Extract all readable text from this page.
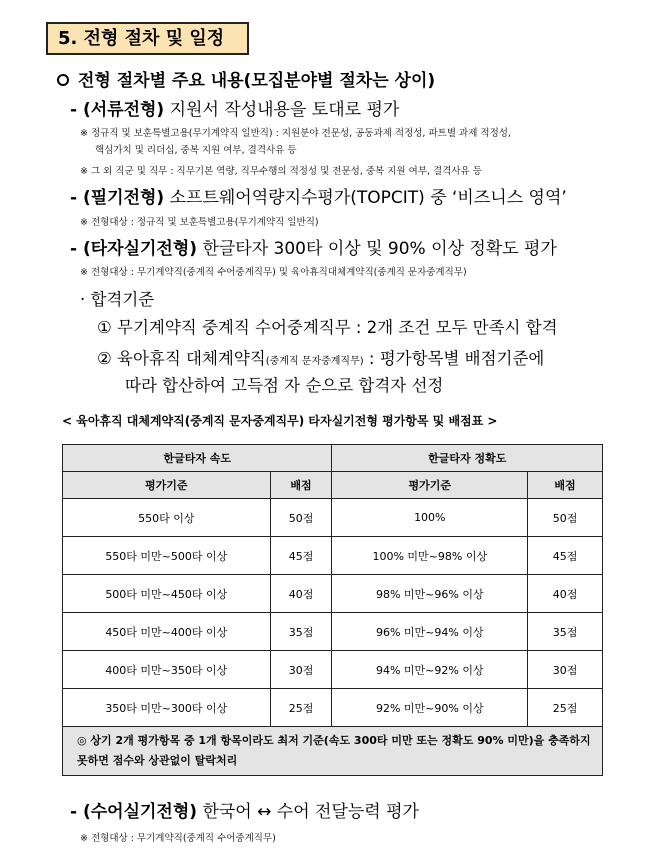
5. 전형 절차 및 일정
전형 절차별 주요 내용(모집분야별 절차는 상이)
- (서류전형) 지원서 작성내용을 토대로 평가
※ 정규직 및 보훈특별고용(무기계약직 일반직) : 지원분야 전문성, 공동과제 적정성, 파트별 과제 적정성,
핵심가치 및 리더십, 중복 지원 여부, 결격사유 등
※ 그 외 직군 및 직무 : 직무기본 역량, 직무수행의 적정성 및 전문성, 중복 지원 여부, 결격사유 등
- (필기전형) 소프트웨어역량지수평가(TOPCIT) 중 ‘비즈니스 영역’
※ 전형대상 : 정규직 및 보훈특별고용(무기계약직 일반직)
- (타자실기전형) 한글타자 300타 이상 및 90% 이상 정확도 평가
※ 전형대상 : 무기계약직(중계직 수어중계직무) 및 육아휴직대체계약직(중계직 문자중계직무)
· 합격기준
① 무기계약직 중계직 수어중계직무 : 2개 조건 모두 만족시 합격
② 육아휴직 대체계약직(중계직 문자중계직무) : 평가항목별 배점기준에
따라 합산하여 고득점 자 순으로 합격자 선정
< 육아휴직 대체계약직(중계직 문자중계직무) 타자실기전형 평가항목 및 배점표 >
한글타자 속도		한글타자 정확도	
평가기준	배점	평가기준	배점
550타 이상	50점	100%	50점
550타 미만~500타 이상	45점	100% 미만~98% 이상	45점
500타 미만~450타 이상	40점	98% 미만~96% 이상	40점
450타 미만~400타 이상	35점	96% 미만~94% 이상	35점
400타 미만~350타 이상	30점	94% 미만~92% 이상	30점
350타 미만~300타 이상	25점	92% 미만~90% 이상	25점
◎ 상기 2개 평가항목 중 1개 항목이라도 최저 기준(속도 300타 미만 또는 정확도 90% 미만)을 충족하지 못하면 점수와 상관없이 탈락처리			
- (수어실기전형) 한국어 ↔ 수어 전달능력 평가
※ 전형대상 : 무기계약직(중계직 수어중계직무)
